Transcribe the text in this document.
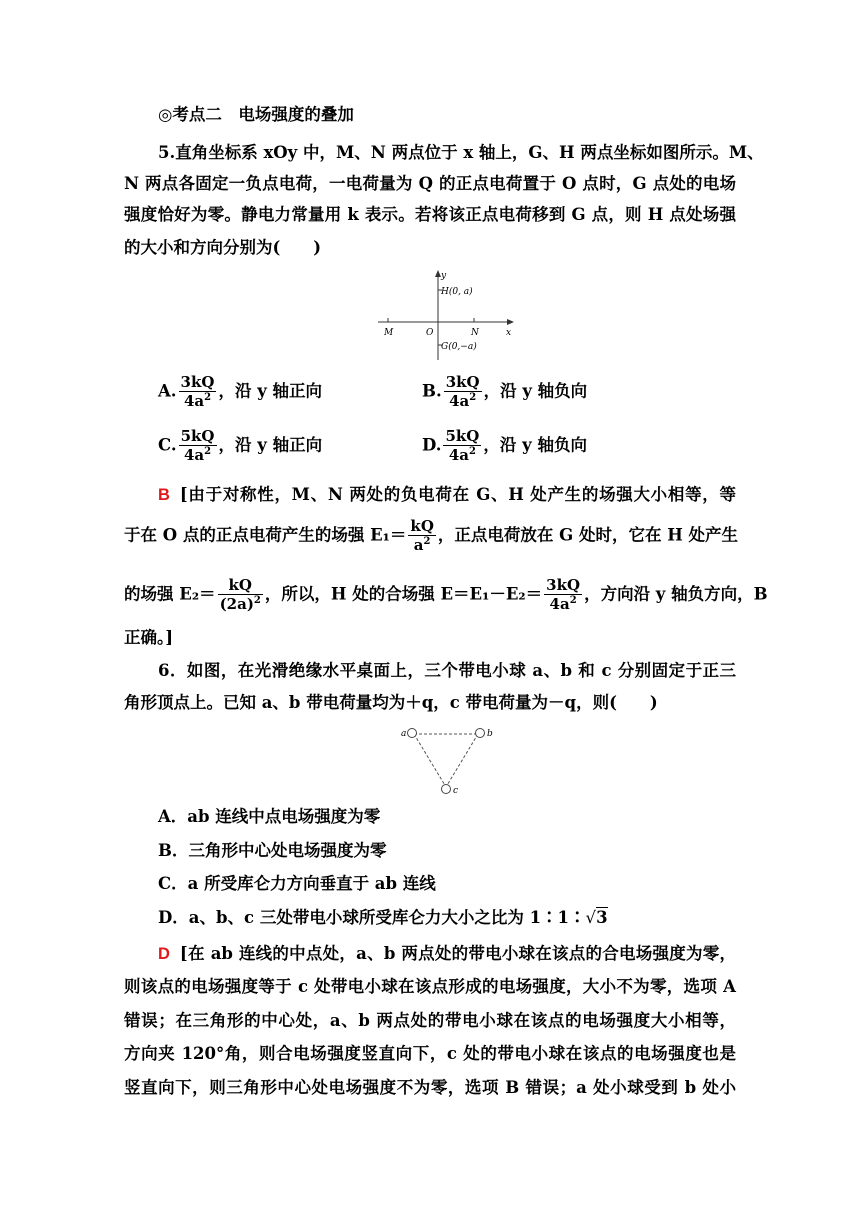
◎考点二　电场强度的叠加
5.直角坐标系 xOy 中，M、N 两点位于 x 轴上，G、H 两点坐标如图所示。M、
N 两点各固定一负点电荷，一电荷量为 Q 的正点电荷置于 O 点时，G 点处的电场
强度恰好为零。静电力常量用 k 表示。若将该正点电荷移到 G 点，则 H 点处场强
的大小和方向分别为(　　)
y
H(0, a)
M	O	N	x
G(0,−a)
A. $\frac{3kQ}{4a^2}$ ，沿 y 轴正向	B. $\frac{3kQ}{4a^2}$ ，沿 y 轴负向
C. $\frac{5kQ}{4a^2}$ ，沿 y 轴正向	D. $\frac{5kQ}{4a^2}$ ，沿 y 轴负向
B [由于对称性，M、N 两处的负电荷在 G、H 处产生的场强大小相等，等
于在 O 点的正点电荷产生的场强 $E_1= \frac{kQ}{a^2}$ ，正点电荷放在 G 处时，它在 H 处产生
的场强 $E_2= \frac{kQ}{(2a)^2}$ ，所以，H 处的合场强 $E=E_1-E_2= \frac{3kQ}{4a^2}$ ，方向沿 y 轴负方向，B
正确。]
6．如图，在光滑绝缘水平桌面上，三个带电小球 a、b 和 c 分别固定于正三
角形顶点上。已知 a、b 带电荷量均为＋q，c 带电荷量为－q，则(　　)
a	b
c
A．ab 连线中点电场强度为零
B．三角形中心处电场强度为零
C．a 所受库仑力方向垂直于 ab 连线
D．a、b、c 三处带电小球所受库仑力大小之比为 1∶1∶√3
D [在 ab 连线的中点处，a、b 两点处的带电小球在该点的合电场强度为零，
则该点的电场强度等于 c 处带电小球在该点形成的电场强度，大小不为零，选项 A
错误；在三角形的中心处，a、b 两点处的带电小球在该点的电场强度大小相等，
方向夹 120°角，则合电场强度竖直向下，c 处的带电小球在该点的电场强度也是
竖直向下，则三角形中心处电场强度不为零，选项 B 错误；a 处小球受到 b 处小
